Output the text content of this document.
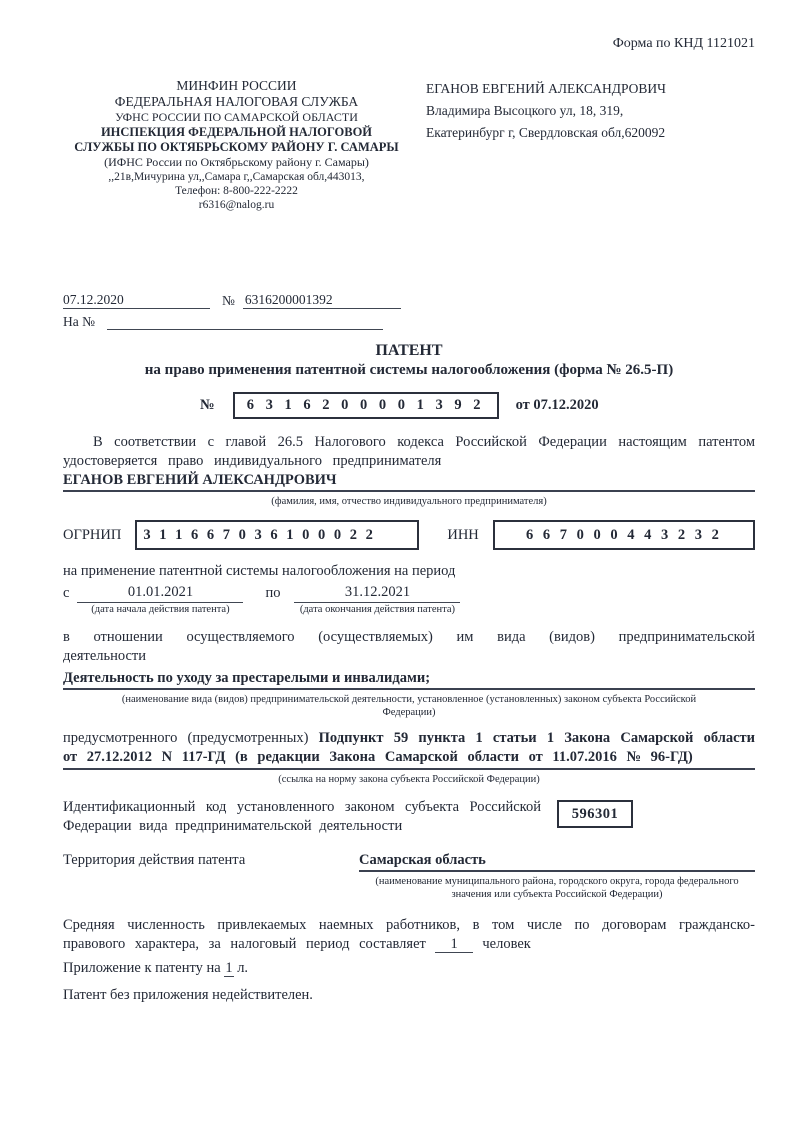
Форма по КНД 1121021
МИНФИН РОССИИ
ФЕДЕРАЛЬНАЯ НАЛОГОВАЯ СЛУЖБА
УФНС РОССИИ ПО САМАРСКОЙ ОБЛАСТИ
ИНСПЕКЦИЯ ФЕДЕРАЛЬНОЙ НАЛОГОВОЙ
СЛУЖБЫ ПО ОКТЯБРЬСКОМУ РАЙОНУ Г. САМАРЫ
(ИФНС России по Октябрьскому району г. Самары)
,,21в,Мичурина ул,,Самара г,,Самарская обл,443013,
Телефон: 8-800-222-2222
r6316@nalog.ru
ЕГАНОВ ЕВГЕНИЙ АЛЕКСАНДРОВИЧ
Владимира Высоцкого ул, 18, 319,
Екатеринбург г, Свердловская обл,620092
07.12.2020	№ 6316200001392
На №
ПАТЕНТ
на право применения патентной системы налогообложения (форма № 26.5-П)
№	6 3 1 6 2 0 0 0 0 1 3 9 2	от 07.12.2020
В соответствии с главой 26.5 Налогового кодекса Российской Федерации настоящим патентом удостоверяется право индивидуального предпринимателя
ЕГАНОВ ЕВГЕНИЙ АЛЕКСАНДРОВИЧ
(фамилия, имя, отчество индивидуального предпринимателя)
ОГРНИП	3 1 1 6 6 7 0 3 6 1 0 0 0 2 2	ИНН	6 6 7 0 0 0 4 4 3 2 3 2
на применение патентной системы налогообложения на период
с	01.01.2021
(дата начала действия патента)
по	31.12.2021
(дата окончания действия патента)
в отношении осуществляемого (осуществляемых) им вида (видов) предпринимательской деятельности
Деятельность по уходу за престарелыми и инвалидами;
(наименование вида (видов) предпринимательской деятельности, установленное (установленных) законом субъекта Российской Федерации)
предусмотренного (предусмотренных) Подпункт 59 пункта 1 статьи 1 Закона Самарской области от 27.12.2012 N 117-ГД (в редакции Закона Самарской области от 11.07.2016 № 96-ГД)
(ссылка на норму закона субъекта Российской Федерации)
Идентификационный код установленного законом субъекта Российской Федерации вида предпринимательской деятельности
596301
Территория действия патента	Самарская область
(наименование муниципального района, городского округа, города федерального значения или субъекта Российской Федерации)
Средняя численность привлекаемых наемных работников, в том числе по договорам гражданско-правового характера, за налоговый период составляет 1 человек
Приложение к патенту на 1 л.
Патент без приложения недействителен.
